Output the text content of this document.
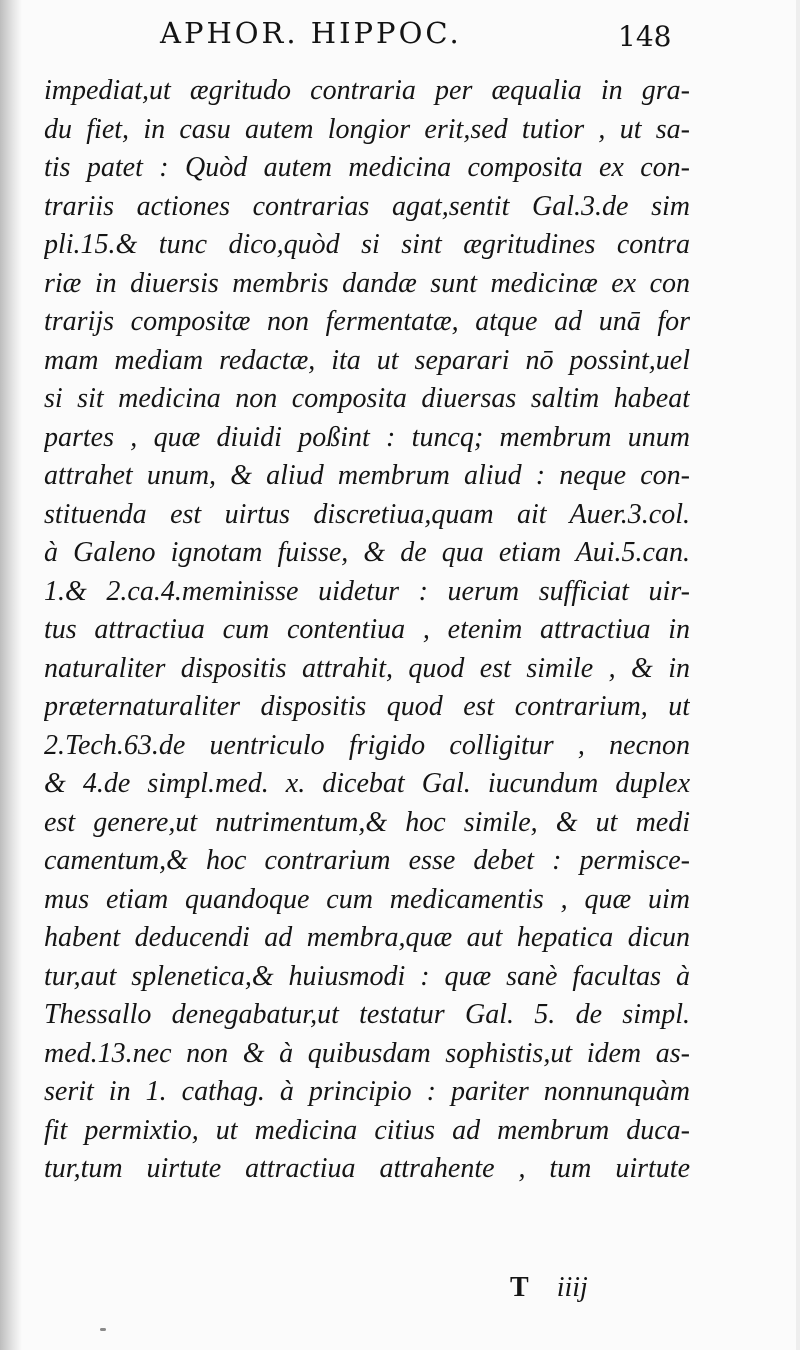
APHOR. HIPPOC.	148
impediat,ut ægritudo contraria per æqualia in gra-
du fiet, in casu autem longior erit,sed tutior , ut sa-
tis patet : Quòd autem medicina composita ex con-
trariis actiones contrarias agat,sentit Gal.3.de sim
pli.15.& tunc dico,quòd si sint ægritudines contra
riæ in diuersis membris dandæ sunt medicinæ ex con
trarijs compositæ non fermentatæ, atque ad unā for
mam mediam redactæ, ita ut separari nō possint,uel
si sit medicina non composita diuersas saltim habeat
partes , quæ diuidi poßint : tuncq; membrum unum
attrahet unum, & aliud membrum aliud : neque con-
stituenda est uirtus discretiua,quam ait Auer.3.col.
à Galeno ignotam fuisse, & de qua etiam Aui.5.can.
1.& 2.ca.4.meminisse uidetur : uerum sufficiat uir-
tus attractiua cum contentiua , etenim attractiua in
naturaliter dispositis attrahit, quod est simile , & in
præternaturaliter dispositis quod est contrarium, ut
2.Tech.63.de uentriculo frigido colligitur , necnon
& 4.de simpl.med. x. dicebat Gal. iucundum duplex
est genere,ut nutrimentum,& hoc simile, & ut medi
camentum,& hoc contrarium esse debet : permisce-
mus etiam quandoque cum medicamentis , quæ uim
habent deducendi ad membra,quæ aut hepatica dicun
tur,aut splenetica,& huiusmodi : quæ sanè facultas à
Thessallo denegabatur,ut testatur Gal. 5. de simpl.
med.13.nec non & à quibusdam sophistis,ut idem as-
serit in 1. cathag. à principio : pariter nonnunquàm
fit permixtio, ut medicina citius ad membrum duca-
tur,tum uirtute attractiua attrahente , tum uirtute
T iiij
